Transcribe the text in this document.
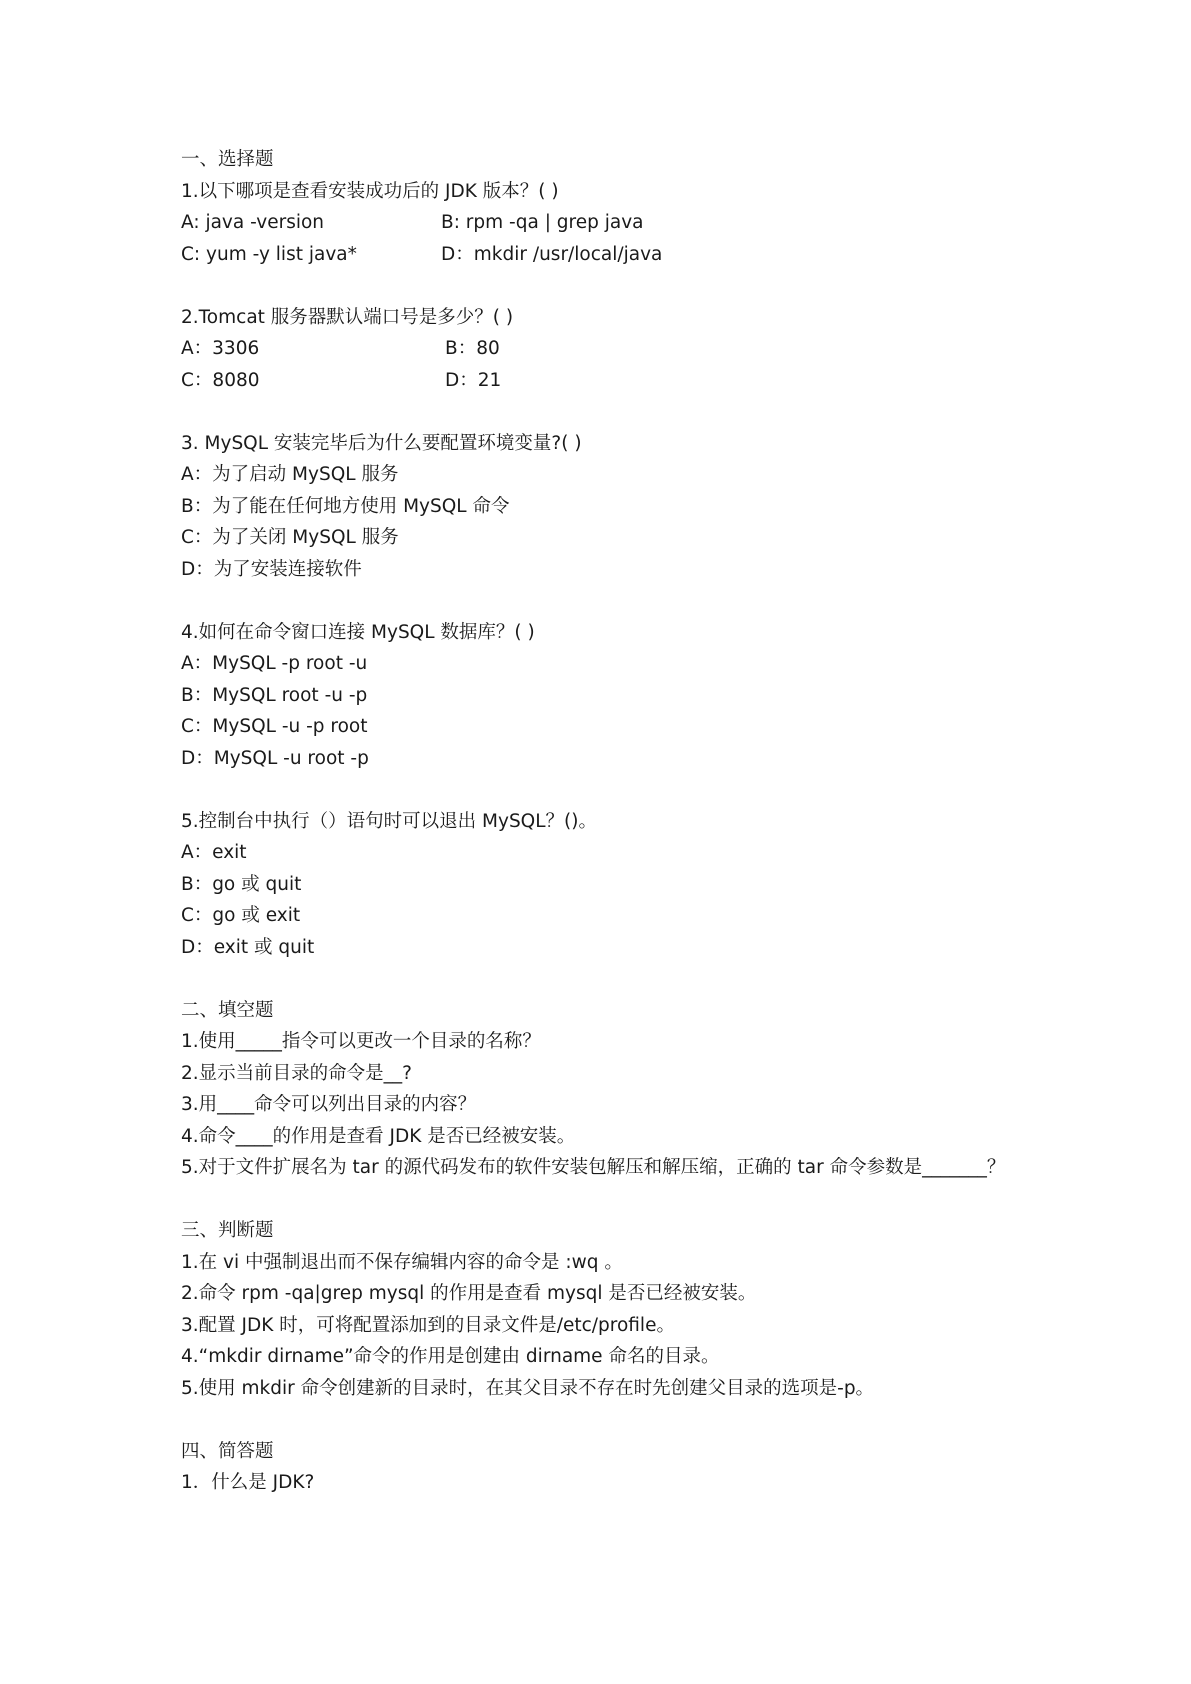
一、选择题
1.以下哪项是查看安装成功后的 JDK 版本？( )
A: java -version	B: rpm -qa | grep java
C: yum -y list java*	D：mkdir /usr/local/java
2.Tomcat 服务器默认端口号是多少？( )
A：3306	B：80
C：8080	D：21
3. MySQL 安装完毕后为什么要配置环境变量?( )
A：为了启动 MySQL 服务
B：为了能在任何地方使用 MySQL 命令
C：为了关闭 MySQL 服务
D：为了安装连接软件
4.如何在命令窗口连接 MySQL 数据库？( )
A：MySQL -p root -u
B：MySQL root -u -p
C：MySQL -u -p root
D：MySQL -u root -p
5.控制台中执行（）语句时可以退出 MySQL？()。
A：exit
B：go 或 quit
C：go 或 exit
D：exit 或 quit
二、填空题
1.使用_____指令可以更改一个目录的名称？
2.显示当前目录的命令是__?
3.用____命令可以列出目录的内容？
4.命令____的作用是查看 JDK 是否已经被安装。
5.对于文件扩展名为 tar 的源代码发布的软件安装包解压和解压缩，正确的 tar 命令参数是_______？
三、判断题
1.在 vi 中强制退出而不保存编辑内容的命令是 :wq 。
2.命令 rpm -qa|grep mysql 的作用是查看 mysql 是否已经被安装。
3.配置 JDK 时，可将配置添加到的目录文件是/etc/profile。
4.“mkdir dirname”命令的作用是创建由 dirname 命名的目录。
5.使用 mkdir 命令创建新的目录时，在其父目录不存在时先创建父目录的选项是-p。
四、简答题
1．什么是 JDK?
